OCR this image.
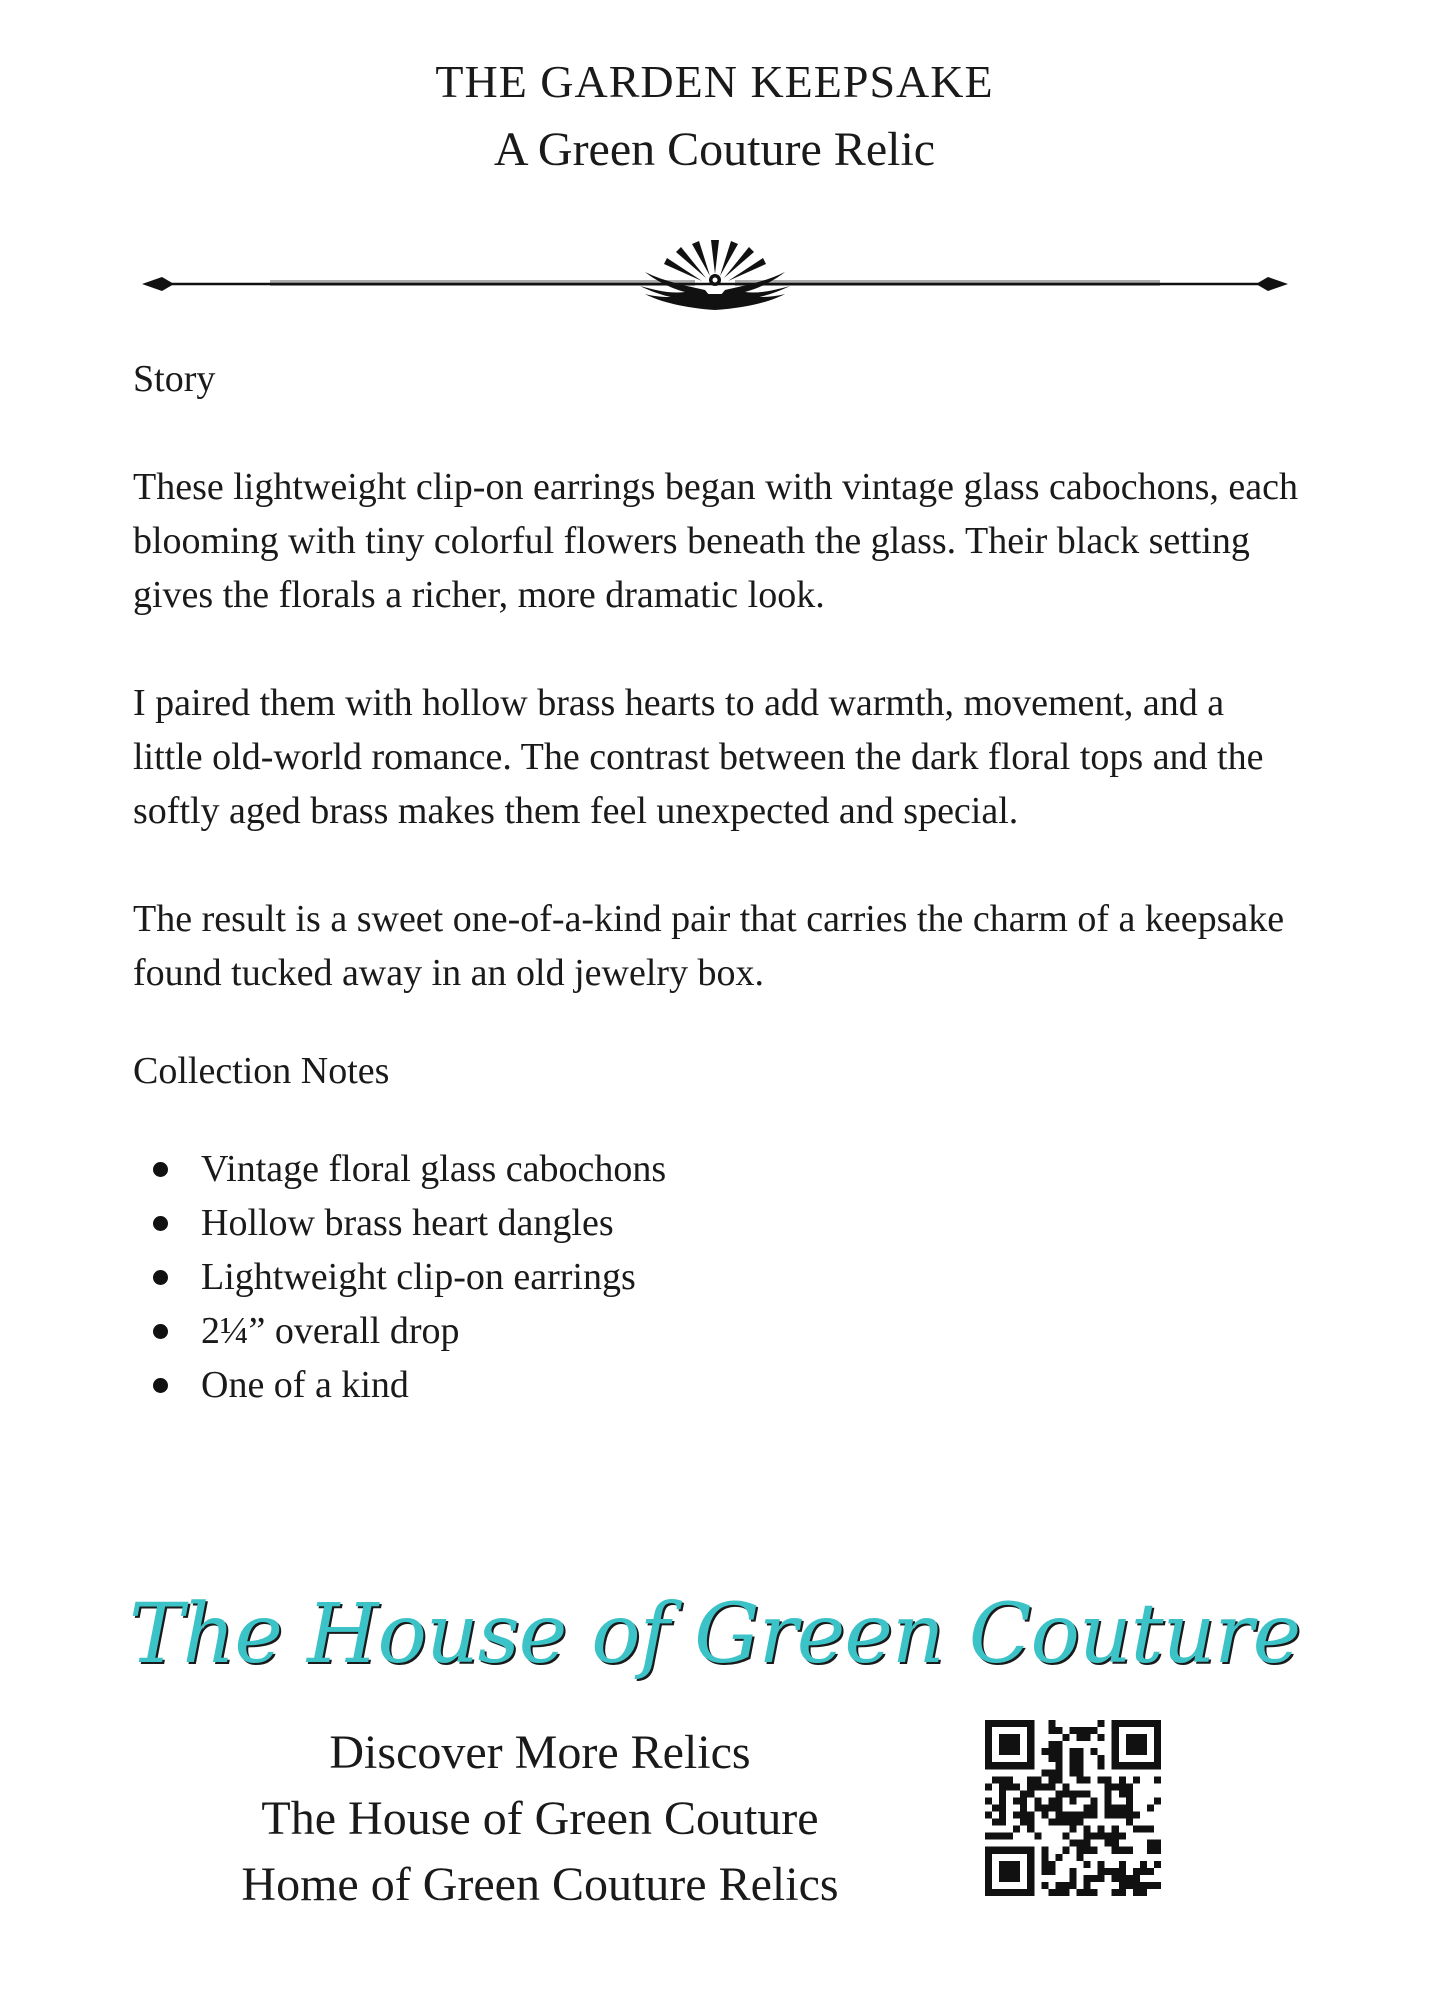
THE GARDEN KEEPSAKE
A Green Couture Relic

Story

These lightweight clip-on earrings began with vintage glass cabochons, each blooming with tiny colorful flowers beneath the glass. Their black setting gives the florals a richer, more dramatic look.

I paired them with hollow brass hearts to add warmth, movement, and a little old-world romance. The contrast between the dark floral tops and the softly aged brass makes them feel unexpected and special.

The result is a sweet one-of-a-kind pair that carries the charm of a keepsake found tucked away in an old jewelry box.

Collection Notes

Vintage floral glass cabochons
Hollow brass heart dangles
Lightweight clip-on earrings
2¼” overall drop
One of a kind
The House of Green Couture
Discover More Relics
The House of Green Couture
Home of Green Couture Relics
